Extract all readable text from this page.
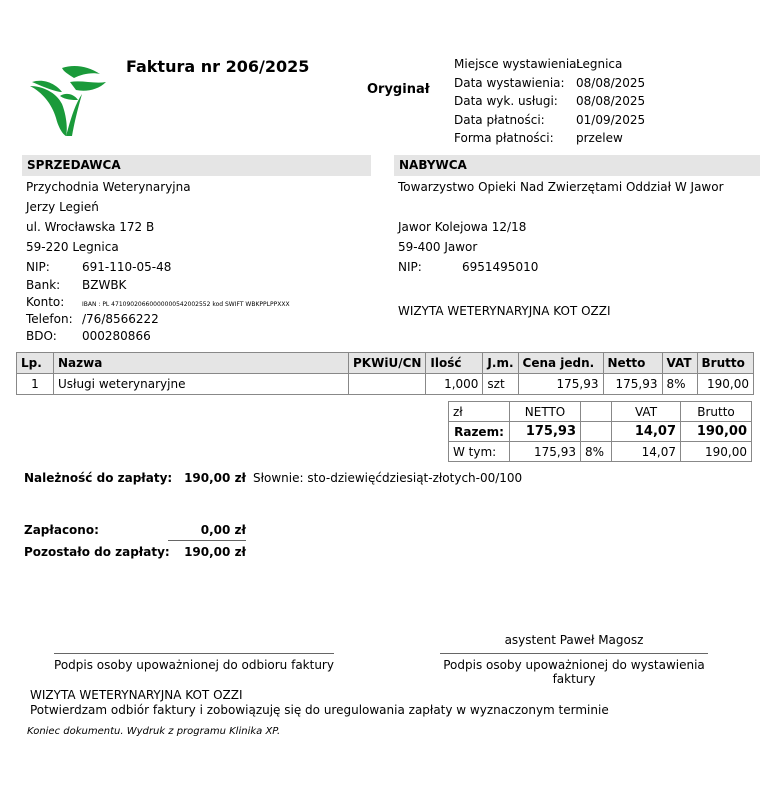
Faktura nr 206/2025
Oryginał
Miejsce wystawienia:Legnica
Data wystawienia: 08/08/2025
Data wyk. usługi: 08/08/2025
Data płatności:	01/09/2025
Forma płatności: przelew
SPRZEDAWCA
Przychodnia Weterynaryjna
Jerzy Legień
ul. Wrocławska 172 B
59-220 Legnica
NIP:	691-110-05-48
Bank: BZWBK
Konto:	IBAN : PL 47109020660000000542002552 kod SWIFT WBKPPLPPXXX
Telefon: /76/8566222
BDO: 000280866
NABYWCA
Towarzystwo Opieki Nad Zwierzętami Oddział W Jawor
Jawor Kolejowa 12/18
59-400 Jawor
NIP:	6951495010
WIZYTA WETERYNARYJNA KOT OZZI
Lp.	Nazwa	PKWiU/CN	Ilość	J.m.	Cena jedn.	Netto	VAT	Brutto
1	Usługi weterynaryjne		1,000	szt	175,93	175,93	8%	190,00
zł	NETTO		VAT	Brutto
Razem:	175,93		14,07	190,00
W tym:	175,93	8%	14,07	190,00
Należność do zapłaty: 190,00 zł Słownie: sto-dziewięćdziesiąt-złotych-00/100
Zapłacono:	0,00 zł
Pozostało do zapłaty:	190,00 zł
asystent Paweł Magosz
Podpis osoby upoważnionej do odbioru faktury	Podpis osoby upoważnionej do wystawienia
faktury
WIZYTA WETERYNARYJNA KOT OZZI
Potwierdzam odbiór faktury i zobowiązuję się do uregulowania zapłaty w wyznaczonym terminie
Koniec dokumentu. Wydruk z programu Klinika XP.
